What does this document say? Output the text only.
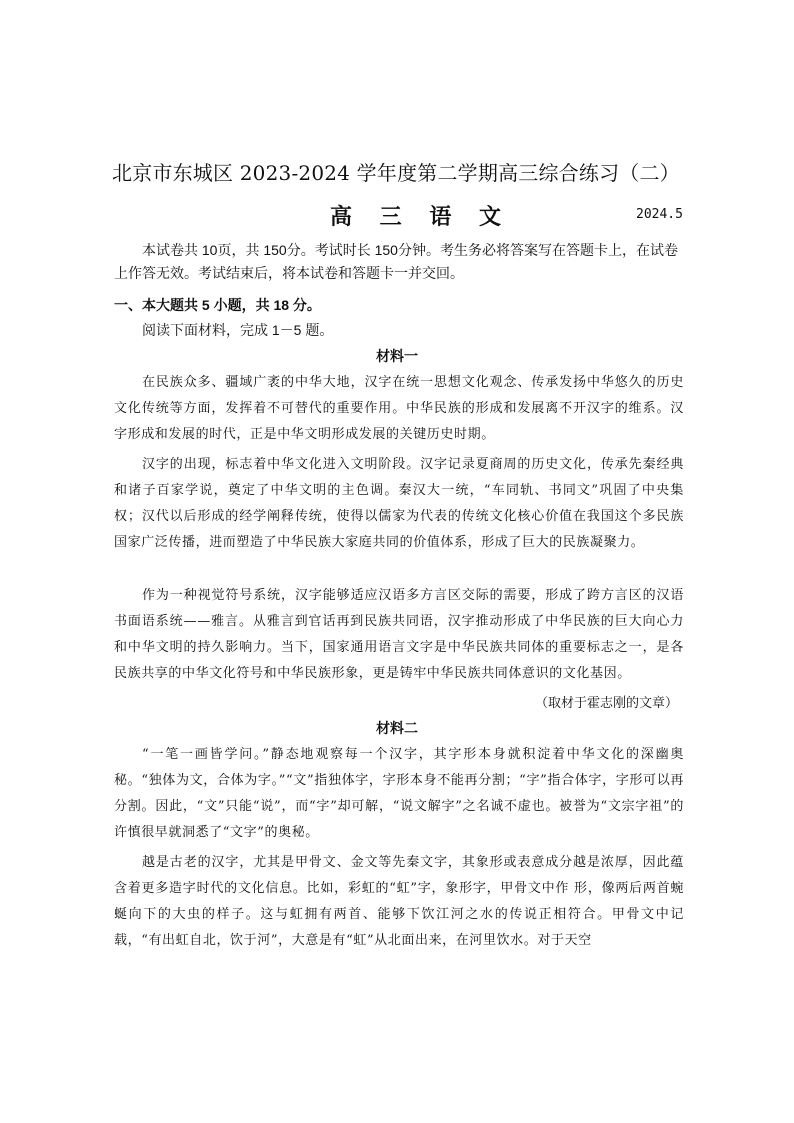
北京市东城区 2023-2024 学年度第二学期高三综合练习（二）
高 三 语 文	2024.5
本试卷共 10页，共 150分。考试时长 150分钟。考生务必将答案写在答题卡上，在试卷上作答无效。考试结束后，将本试卷和答题卡一并交回。
一、本大题共 5 小题，共 18 分。
阅读下面材料，完成 1－5 题。
材料一
在民族众多、疆域广袤的中华大地，汉字在统一思想文化观念、传承发扬中华悠久的历史文化传统等方面，发挥着不可替代的重要作用。中华民族的形成和发展离不开汉字的维系。汉字形成和发展的时代，正是中华文明形成发展的关键历史时期。
汉字的出现，标志着中华文化进入文明阶段。汉字记录夏商周的历史文化，传承先秦经典和诸子百家学说，奠定了中华文明的主色调。秦汉大一统，“车同轨、书同文”巩固了中央集权；汉代以后形成的经学阐释传统，使得以儒家为代表的传统文化核心价值在我国这个多民族国家广泛传播，进而塑造了中华民族大家庭共同的价值体系，形成了巨大的民族凝聚力。
作为一种视觉符号系统，汉字能够适应汉语多方言区交际的需要，形成了跨方言区的汉语书面语系统——雅言。从雅言到官话再到民族共同语，汉字推动形成了中华民族的巨大向心力和中华文明的持久影响力。当下，国家通用语言文字是中华民族共同体的重要标志之一，是各民族共享的中华文化符号和中华民族形象，更是铸牢中华民族共同体意识的文化基因。
（取材于霍志刚的文章）
材料二
“一笔一画皆学问。”静态地观察每一个汉字，其字形本身就积淀着中华文化的深幽奥秘。“独体为文，合体为字。”“文”指独体字，字形本身不能再分割；“字”指合体字，字形可以再分割。因此，“文”只能“说”，而“字”却可解，“说文解字”之名诚不虚也。被誉为“文宗字祖”的许慎很早就洞悉了“文字”的奥秘。
越是古老的汉字，尤其是甲骨文、金文等先秦文字，其象形或表意成分越是浓厚，因此蕴含着更多造字时代的文化信息。比如，彩虹的“虹”字，象形字，甲骨文中作 形，像两后两首蜿蜒向下的大虫的样子。这与虹拥有两首、能够下饮江河之水的传说正相符合。甲骨文中记载，“有出虹自北，饮于河”，大意是有“虹”从北面出来，在河里饮水。对于天空
